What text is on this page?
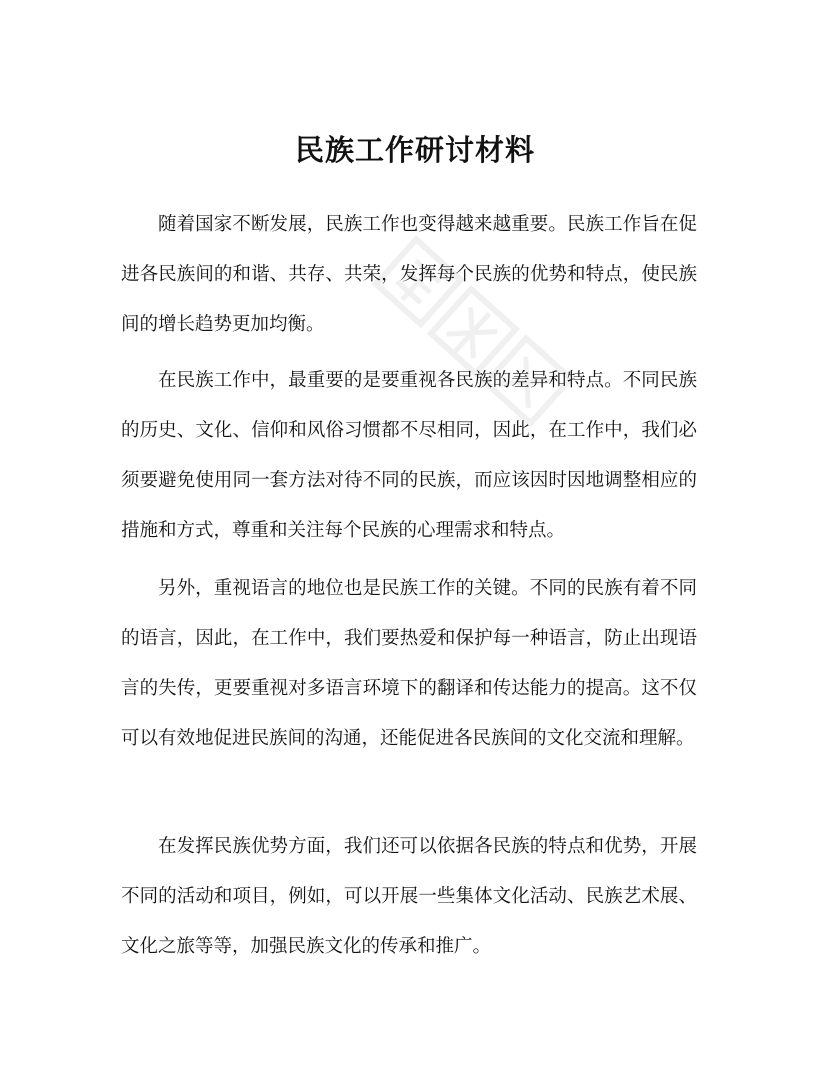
民族工作研讨材料

随着国家不断发展，民族工作也变得越来越重要。民族工作旨在促进各民族间的和谐、共存、共荣，发挥每个民族的优势和特点，使民族间的增长趋势更加均衡。

在民族工作中，最重要的是要重视各民族的差异和特点。不同民族的历史、文化、信仰和风俗习惯都不尽相同，因此，在工作中，我们必须要避免使用同一套方法对待不同的民族，而应该因时因地调整相应的措施和方式，尊重和关注每个民族的心理需求和特点。

另外，重视语言的地位也是民族工作的关键。不同的民族有着不同的语言，因此，在工作中，我们要热爱和保护每一种语言，防止出现语言的失传，更要重视对多语言环境下的翻译和传达能力的提高。这不仅可以有效地促进民族间的沟通，还能促进各民族间的文化交流和理解。

在发挥民族优势方面，我们还可以依据各民族的特点和优势，开展不同的活动和项目，例如，可以开展一些集体文化活动、民族艺术展、文化之旅等等，加强民族文化的传承和推广。
